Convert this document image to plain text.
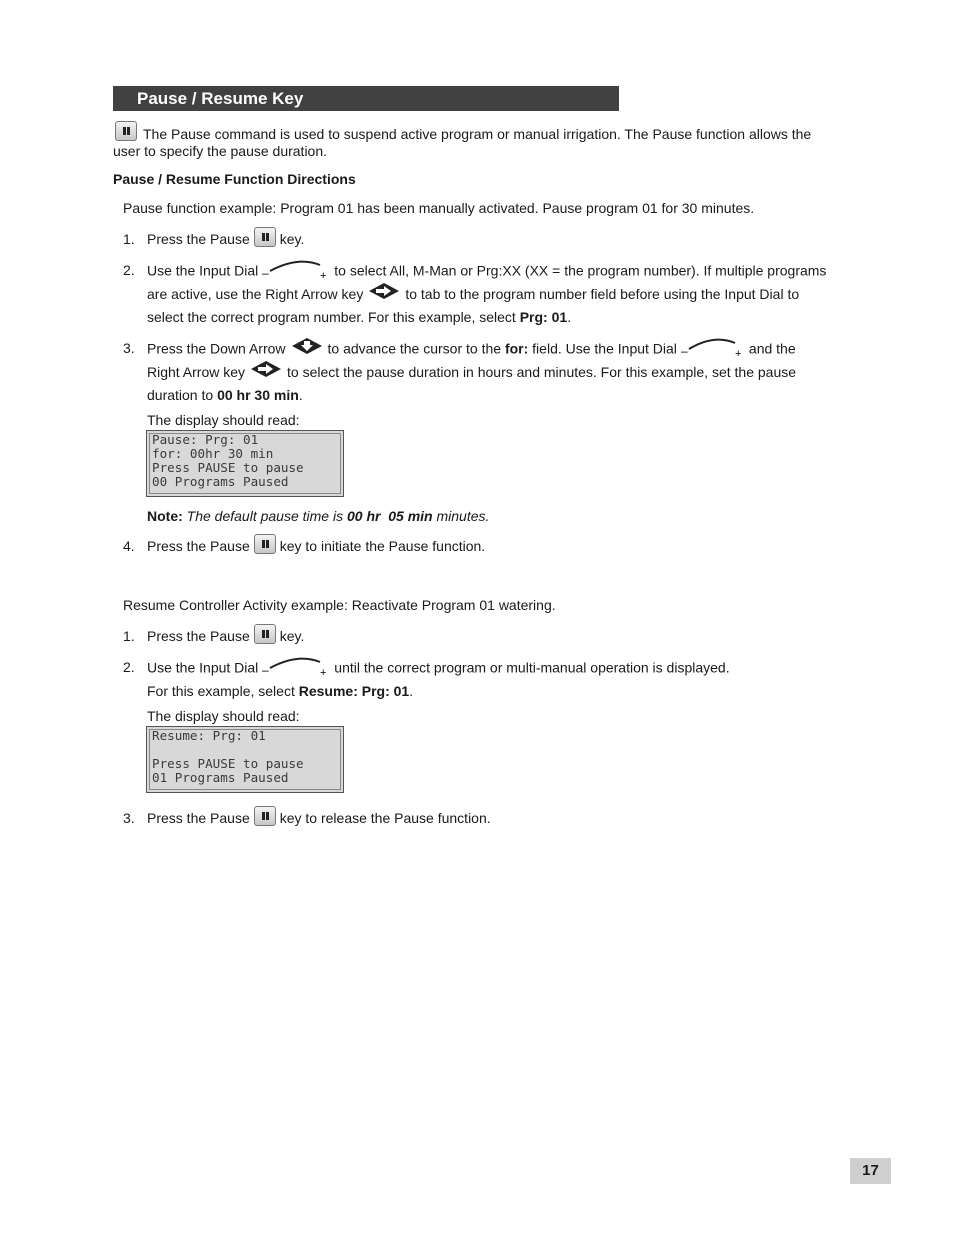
Pause / Resume Key
The Pause command is used to suspend active program or manual irrigation. The Pause function allows the
user to specify the pause duration.
Pause / Resume Function Directions
Pause function example: Program 01 has been manually activated. Pause program 01 for 30 minutes.
1. Press the Pause key.
2. Use the Input Dial –	+ to select All, M-Man or Prg:XX (XX = the program number). If multiple programs
are active, use the Right Arrow key	to tab to the program number field before using the Input Dial to
select the correct program number. For this example, select Prg: 01.
3. Press the Down Arrow	to advance the cursor to the for: field. Use the Input Dial –	+ and the
Right Arrow key	to select the pause duration in hours and minutes. For this example, set the pause
duration to 00 hr 30 min.
The display should read:
Pause: Prg: 01
for: 00hr 30 min
Press PAUSE to pause
00 Programs Paused
Note: The default pause time is 00 hr  05 min minutes.
4. Press the Pause key to initiate the Pause function.
Resume Controller Activity example: Reactivate Program 01 watering.
1. Press the Pause key.
2. Use the Input Dial –	+ until the correct program or multi-manual operation is displayed.
For this example, select Resume: Prg: 01.
The display should read:
Resume: Prg: 01
Press PAUSE to pause
01 Programs Paused
3. Press the Pause key to release the Pause function.
17
